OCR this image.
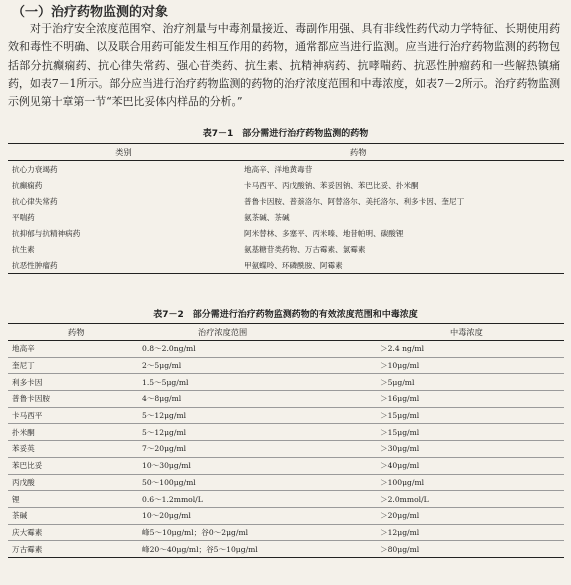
（一）治疗药物监测的对象

对于治疗安全浓度范围窄、治疗剂量与中毒剂量接近、毒副作用强、具有非线性药代动力学特征、长期使用药效和毒性不明确、以及联合用药可能发生相互作用的药物，通常都应当进行监测。应当进行治疗药物监测的药物包括部分抗癫痫药、抗心律失常药、强心苷类药、抗生素、抗精神病药、抗哮喘药、抗恶性肿瘤药和一些解热镇痛药，如表7－1所示。部分应当进行治疗药物监测的药物的治疗浓度范围和中毒浓度，如表7－2所示。治疗药物监测示例见第十章第一节“苯巴比妥体内样品的分析。”

表7－1　部分需进行治疗药物监测的药物
类别	药物
抗心力衰竭药	地高辛、洋地黄毒苷
抗癫痫药	卡马西平、丙戊酸钠、苯妥因钠、苯巴比妥、扑米酮
抗心律失常药	普鲁卡因胺、普萘洛尔、阿替洛尔、美托洛尔、利多卡因、奎尼丁
平喘药	氨茶碱、茶碱
抗抑郁与抗精神病药	阿米替林、多塞平、丙米嗪、地昔帕明、碳酸锂
抗生素	氨基糖苷类药物、万古霉素、氯霉素
抗恶性肿瘤药	甲氨蝶呤、环磷酰胺、阿霉素
表7－2　部分需进行治疗药物监测药物的有效浓度范围和中毒浓度
药物	治疗浓度范围	中毒浓度
地高辛	0.8～2.0ng/ml	＞2.4 ng/ml
奎尼丁	2～5μg/ml	＞10μg/ml
利多卡因	1.5～5μg/ml	＞5μg/ml
普鲁卡因胺	4～8μg/ml	＞16μg/ml
卡马西平	5～12μg/ml	＞15μg/ml
扑米酮	5～12μg/ml	＞15μg/ml
苯妥英	7～20μg/ml	＞30μg/ml
苯巴比妥	10～30μg/ml	＞40μg/ml
丙戊酸	50～100μg/ml	＞100μg/ml
锂	0.6～1.2mmol/L	＞2.0mmol/L
茶碱	10～20μg/ml	＞20μg/ml
庆大霉素	峰5～10μg/ml；谷0～2μg/ml	＞12μg/ml
万古霉素	峰20～40μg/ml；谷5～10μg/ml	＞80μg/ml
